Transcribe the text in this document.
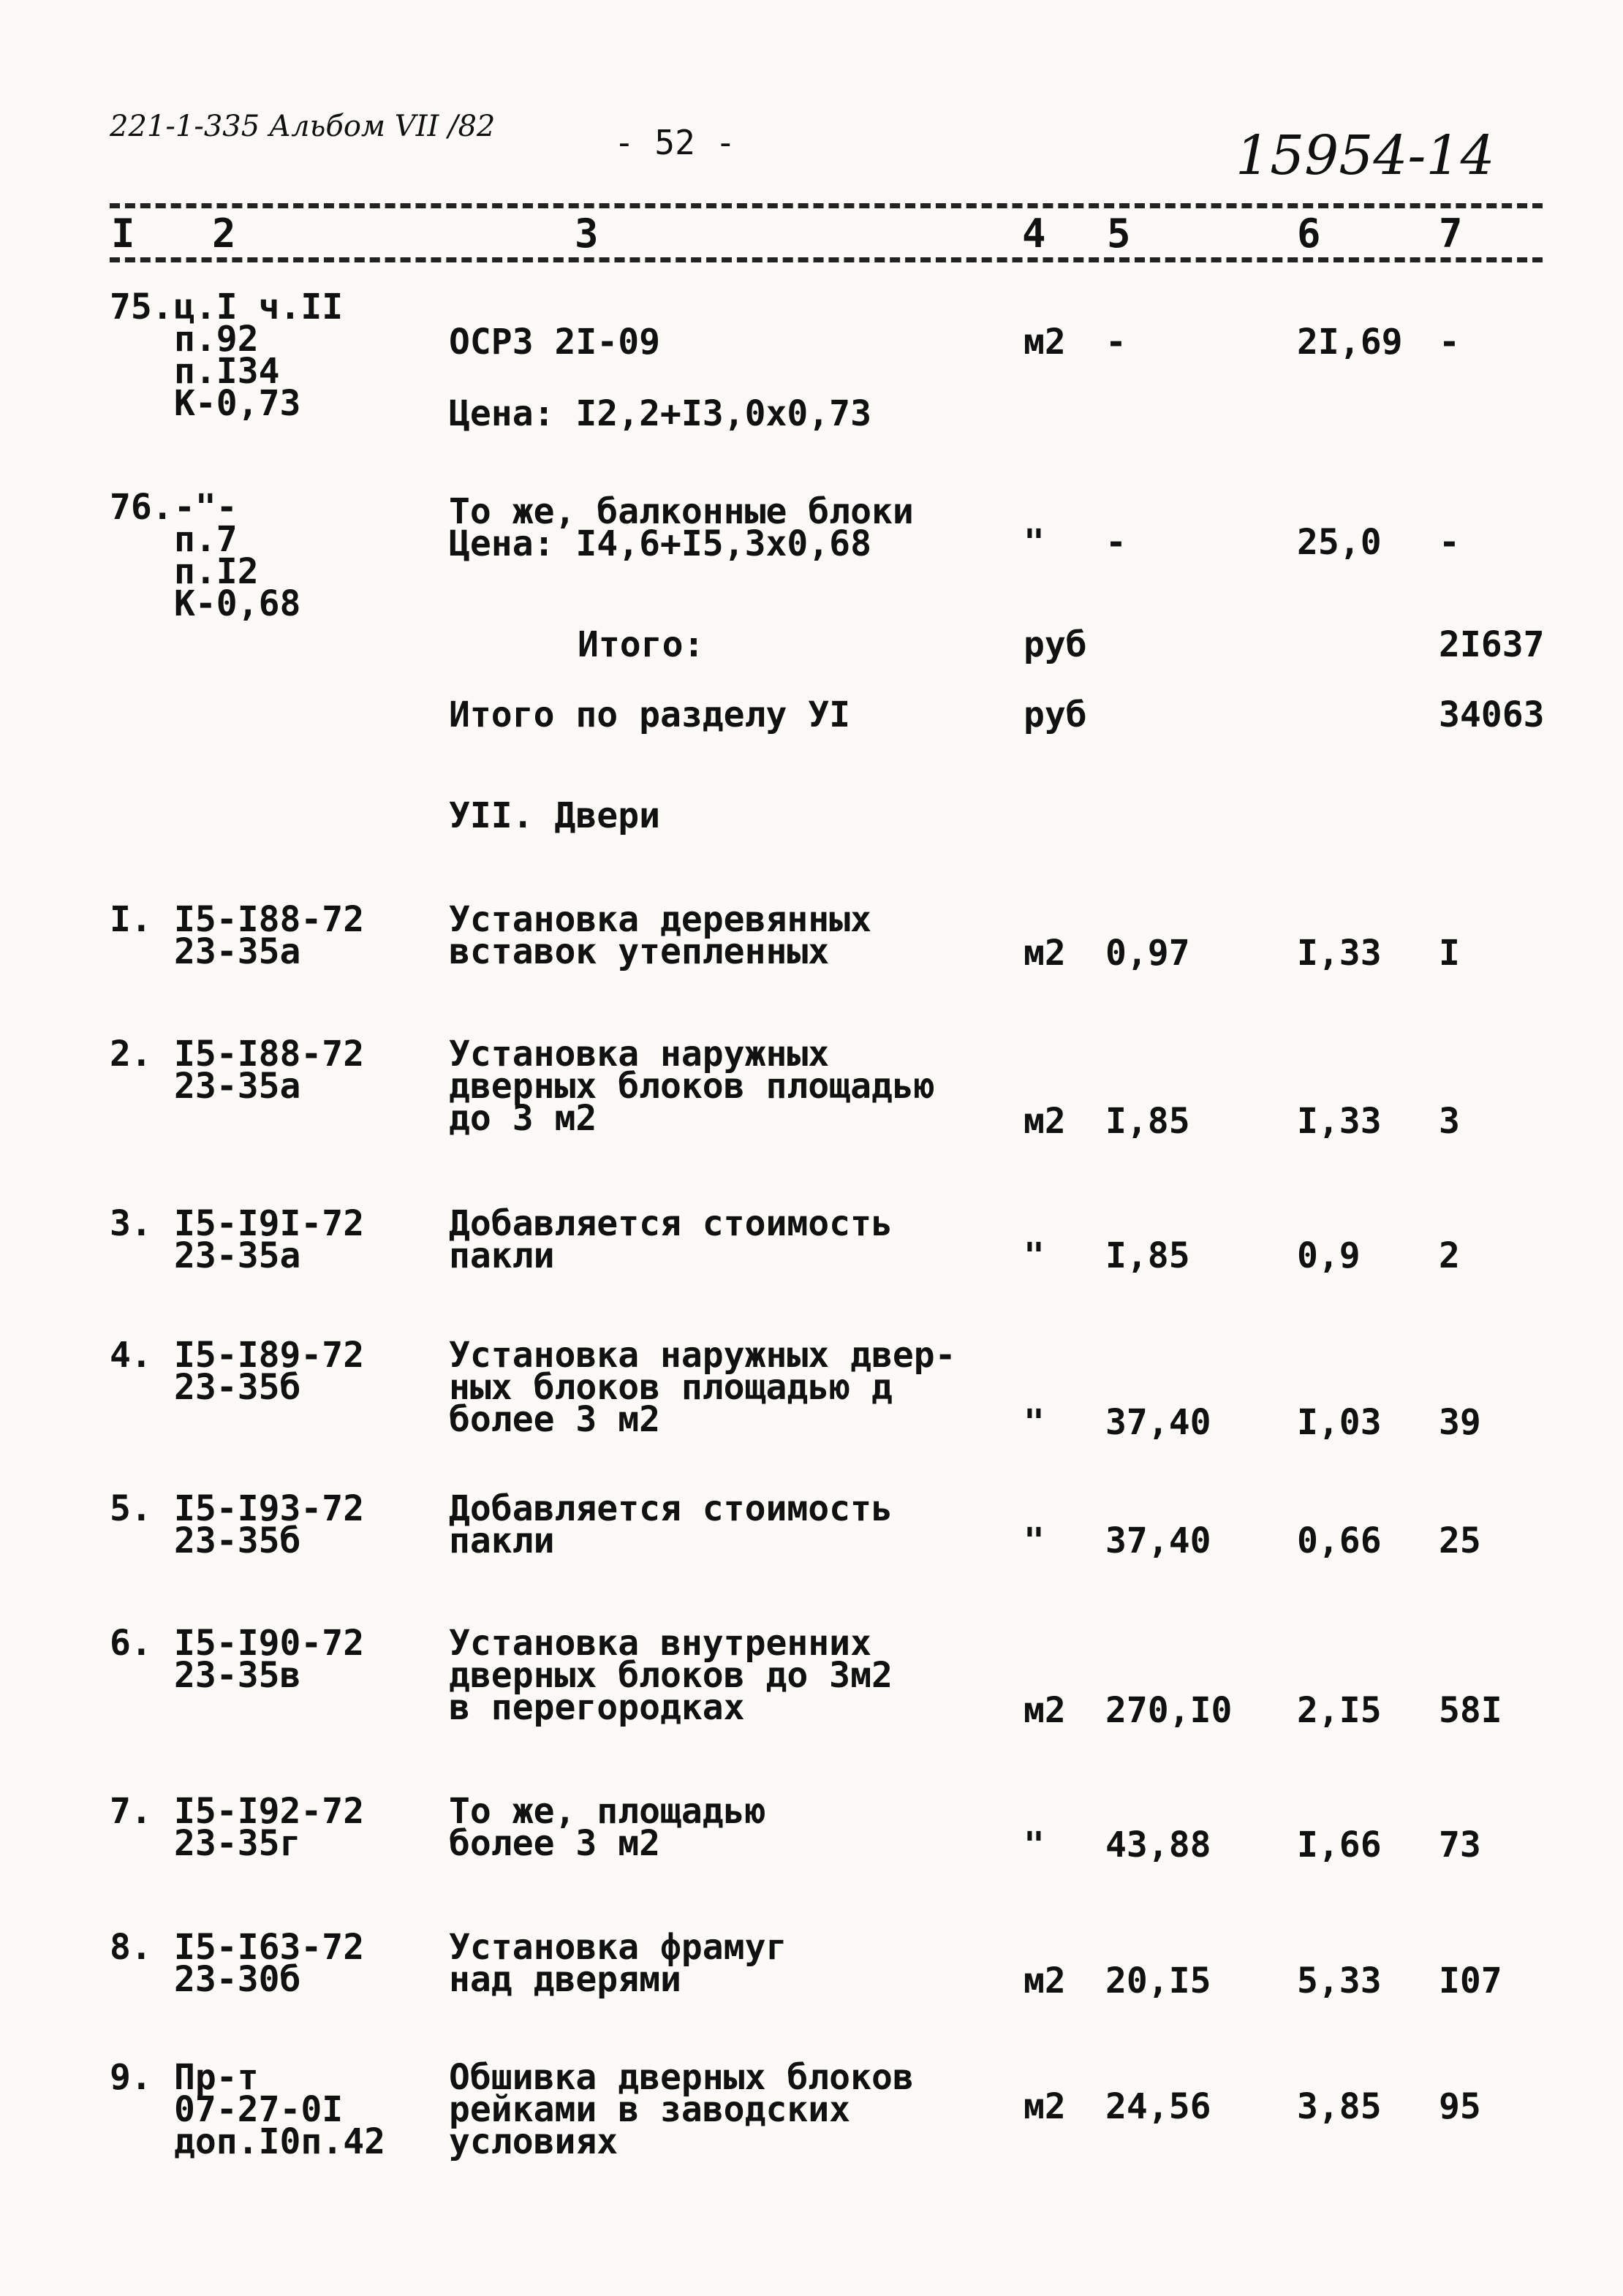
221-1-335 Альбом VII /82	- 52 -	15954-14
I 2	3	4 5	6	7
75. ц.I ч.II
п.92
п.I34
К-0,73
ОСРЗ 2I-09
Цена: I2,2+I3,0х0,73
м2 -	2I,69 -
76. -"-
п.7
п.I2
К-0,68
То же, балконные блоки
Цена: I4,6+I5,3х0,68	" -	25,0 -
Итого:	руб	2I637
Итого по разделу УI	руб	34063
УII. Двери
I. I5-I88-72
23-35а
Установка деревянных
вставок утепленных	м2 0,97	I,33 I
2. I5-I88-72
23-35а
Установка наружных
дверных блоков площадью
до 3 м2	м2 I,85	I,33 3
3. I5-I9I-72
23-35а
Добавляется стоимость
пакли	" I,85	0,9 2
4. I5-I89-72
23-35б
Установка наружных двер-
ных блоков площадью д
более 3 м2	" 37,40 I,03 39
5. I5-I93-72
23-35б
Добавляется стоимость
пакли	" 37,40 0,66 25
6. I5-I90-72
23-35в
Установка внутренних
дверных блоков до 3м2
в перегородках	м2 270,I0 2,I5 58I
7. I5-I92-72
23-35г
То же, площадью
более 3 м2	" 43,88 I,66 73
8. I5-I63-72
23-30б
Установка фрамуг
над дверями	м2 20,I5 5,33 I07
9. Пр-т
07-27-0I
доп.I0п.42
Обшивка дверных блоков
рейками в заводских
условиях
м2 24,56 3,85 95
